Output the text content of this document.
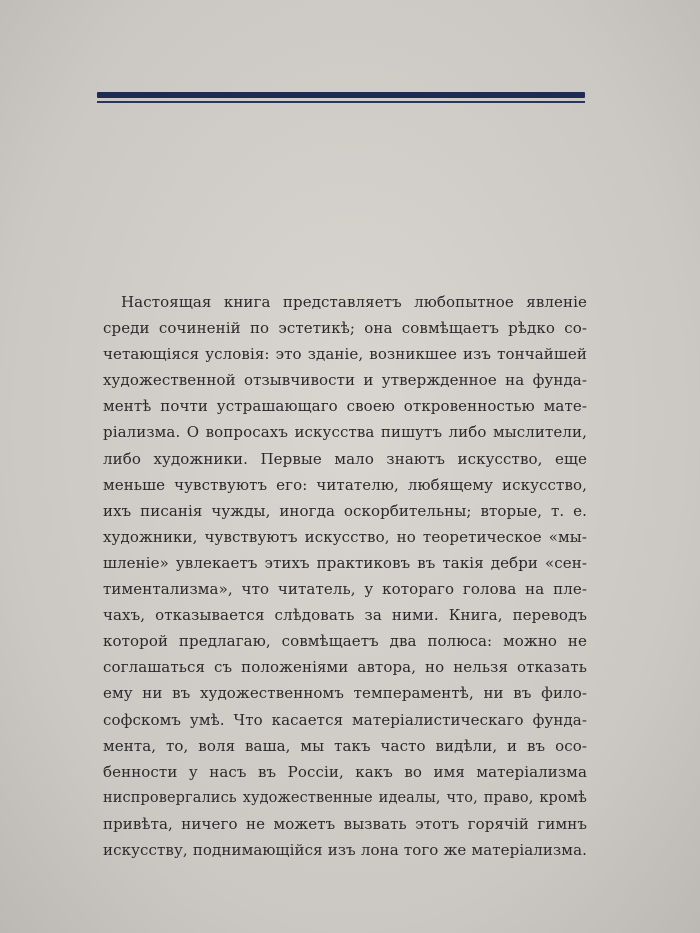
Настоящая книга представляетъ любопытное явленіе
среди сочиненій по эстетикѣ; она совмѣщаетъ рѣдко со-
четающіяся условія: это зданіе, возникшее изъ тончайшей
художественной отзывчивости и утвержденное на фунда-
ментѣ почти устрашающаго своею откровенностью мате-
ріализма. О вопросахъ искусства пишутъ либо мыслители,
либо художники. Первые мало знаютъ искусство, еще
меньше чувствуютъ его: читателю, любящему искусство,
ихъ писанія чужды, иногда оскорбительны; вторые, т. е.
художники, чувствуютъ искусство, но теоретическое «мы-
шленіе» увлекаетъ этихъ практиковъ въ такія дебри «сен-
тиментализма», что читатель, у котораго голова на пле-
чахъ, отказывается слѣдовать за ними. Книга, переводъ
которой предлагаю, совмѣщаетъ два полюса: можно не
соглашаться съ положеніями автора, но нельзя отказать
ему ни въ художественномъ темпераментѣ, ни въ фило-
софскомъ умѣ. Что касается матеріалистическаго фунда-
мента, то, воля ваша, мы такъ часто видѣли, и въ осо-
бенности у насъ въ Россіи, какъ во имя матеріализма
ниспровергались художественные идеалы, что, право, кромѣ
привѣта, ничего не можетъ вызвать этотъ горячій гимнъ
искусству, поднимающійся изъ лона того же матеріализма.
